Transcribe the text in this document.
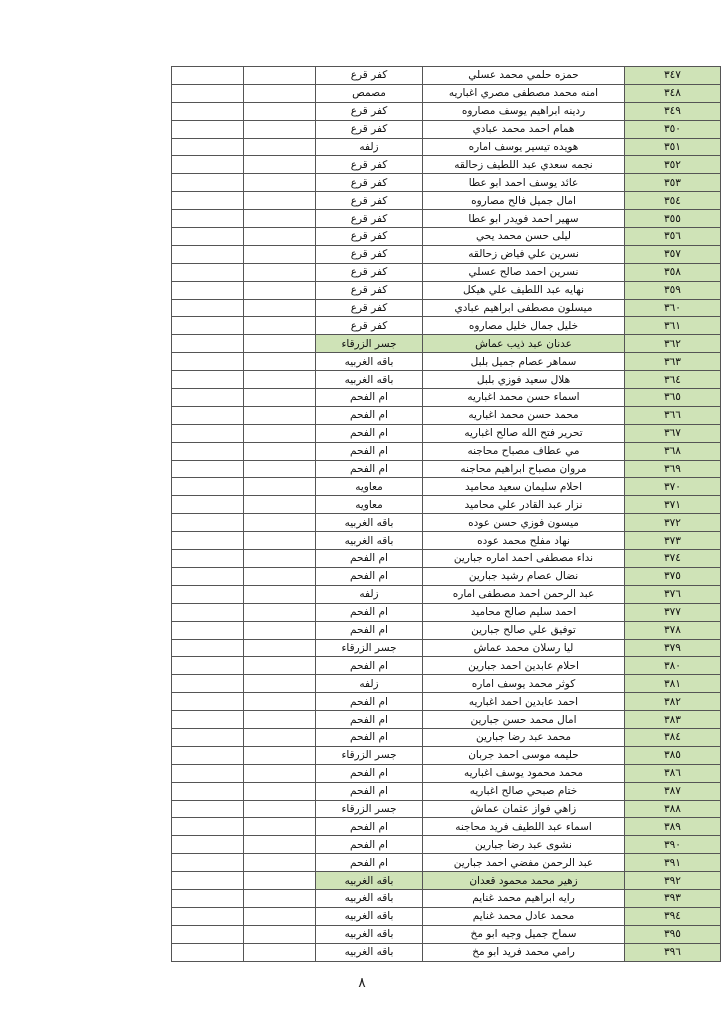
٣٤٧	حمزه حلمي محمد عسلي	كفر قرع		
٣٤٨	امنه محمد مصطفى مصري اغباريه	مصمص		
٣٤٩	ردينه ابراهيم يوسف مصاروه	كفر قرع		
٣٥٠	همام احمد محمد عبادي	كفر قرع		
٣٥١	هويده تيسير يوسف اماره	زلفه		
٣٥٢	نجمه سعدي عبد اللطيف زحالقه	كفر قرع		
٣٥٣	عائد يوسف احمد ابو عطا	كفر قرع		
٣٥٤	امال جميل فالح مصاروه	كفر قرع		
٣٥٥	سهير احمد فويدر ابو عطا	كفر قرع		
٣٥٦	ليلى حسن محمد يحي	كفر قرع		
٣٥٧	نسرين علي فياض زحالقه	كفر قرع		
٣٥٨	نسرين احمد صالح عسلي	كفر قرع		
٣٥٩	نهايه عبد اللطيف علي هيكل	كفر قرع		
٣٦٠	ميسلون مصطفى ابراهيم عبادي	كفر قرع		
٣٦١	خليل جمال خليل مصاروه	كفر قرع		
٣٦٢	عدنان عبد ذيب عماش	جسر الزرقاء		
٣٦٣	سماهر عصام جميل بلبل	باقه الغربيه		
٣٦٤	هلال سعيد فوزي بلبل	باقه الغربيه		
٣٦٥	اسماء حسن محمد اغباريه	ام الفحم		
٣٦٦	محمد حسن محمد اغباريه	ام الفحم		
٣٦٧	تحرير فتح الله صالح اغباريه	ام الفحم		
٣٦٨	مي عطاف مصباح محاجنه	ام الفحم		
٣٦٩	مروان مصباح ابراهيم محاجنه	ام الفحم		
٣٧٠	احلام سليمان سعيد محاميد	معاويه		
٣٧١	نزار عبد القادر علي محاميد	معاويه		
٣٧٢	ميسون فوزي حسن عوده	باقه الغربيه		
٣٧٣	نهاد مفلح محمد عوده	باقه الغربيه		
٣٧٤	نداء مصطفى احمد اماره جبارين	ام الفحم		
٣٧٥	نضال عصام رشيد جبارين	ام الفحم		
٣٧٦	عبد الرحمن احمد مصطفى اماره	زلفه		
٣٧٧	احمد سليم صالح محاميد	ام الفحم		
٣٧٨	توفيق علي صالح جبارين	ام الفحم		
٣٧٩	ليا رسلان محمد عماش	جسر الزرقاء		
٣٨٠	احلام عابدين احمد جبارين	ام الفحم		
٣٨١	كوثر محمد يوسف اماره	زلفه		
٣٨٢	احمد عابدين احمد اغباريه	ام الفحم		
٣٨٣	امال محمد حسن جبارين	ام الفحم		
٣٨٤	محمد عبد رضا جبارين	ام الفحم		
٣٨٥	حليمه موسى احمد جربان	جسر الزرقاء		
٣٨٦	محمد محمود يوسف اغباريه	ام الفحم		
٣٨٧	ختام صبحي صالح اغباريه	ام الفحم		
٣٨٨	زاهي فواز عثمان عماش	جسر الزرقاء		
٣٨٩	اسماء عبد اللطيف فريد محاجنه	ام الفحم		
٣٩٠	نشوى عبد رضا جبارين	ام الفحم		
٣٩١	عبد الرحمن مفضي احمد جبارين	ام الفحم		
٣٩٢	زهير محمد محمود قعدان	باقه الغربيه		
٣٩٣	رايه ابراهيم محمد غنايم	باقه الغربيه		
٣٩٤	محمد عادل محمد غنايم	باقه الغربيه		
٣٩٥	سماح جميل وجيه ابو مخ	باقه الغربيه		
٣٩٦	رامي محمد فريد ابو مخ	باقه الغربيه		
٨
